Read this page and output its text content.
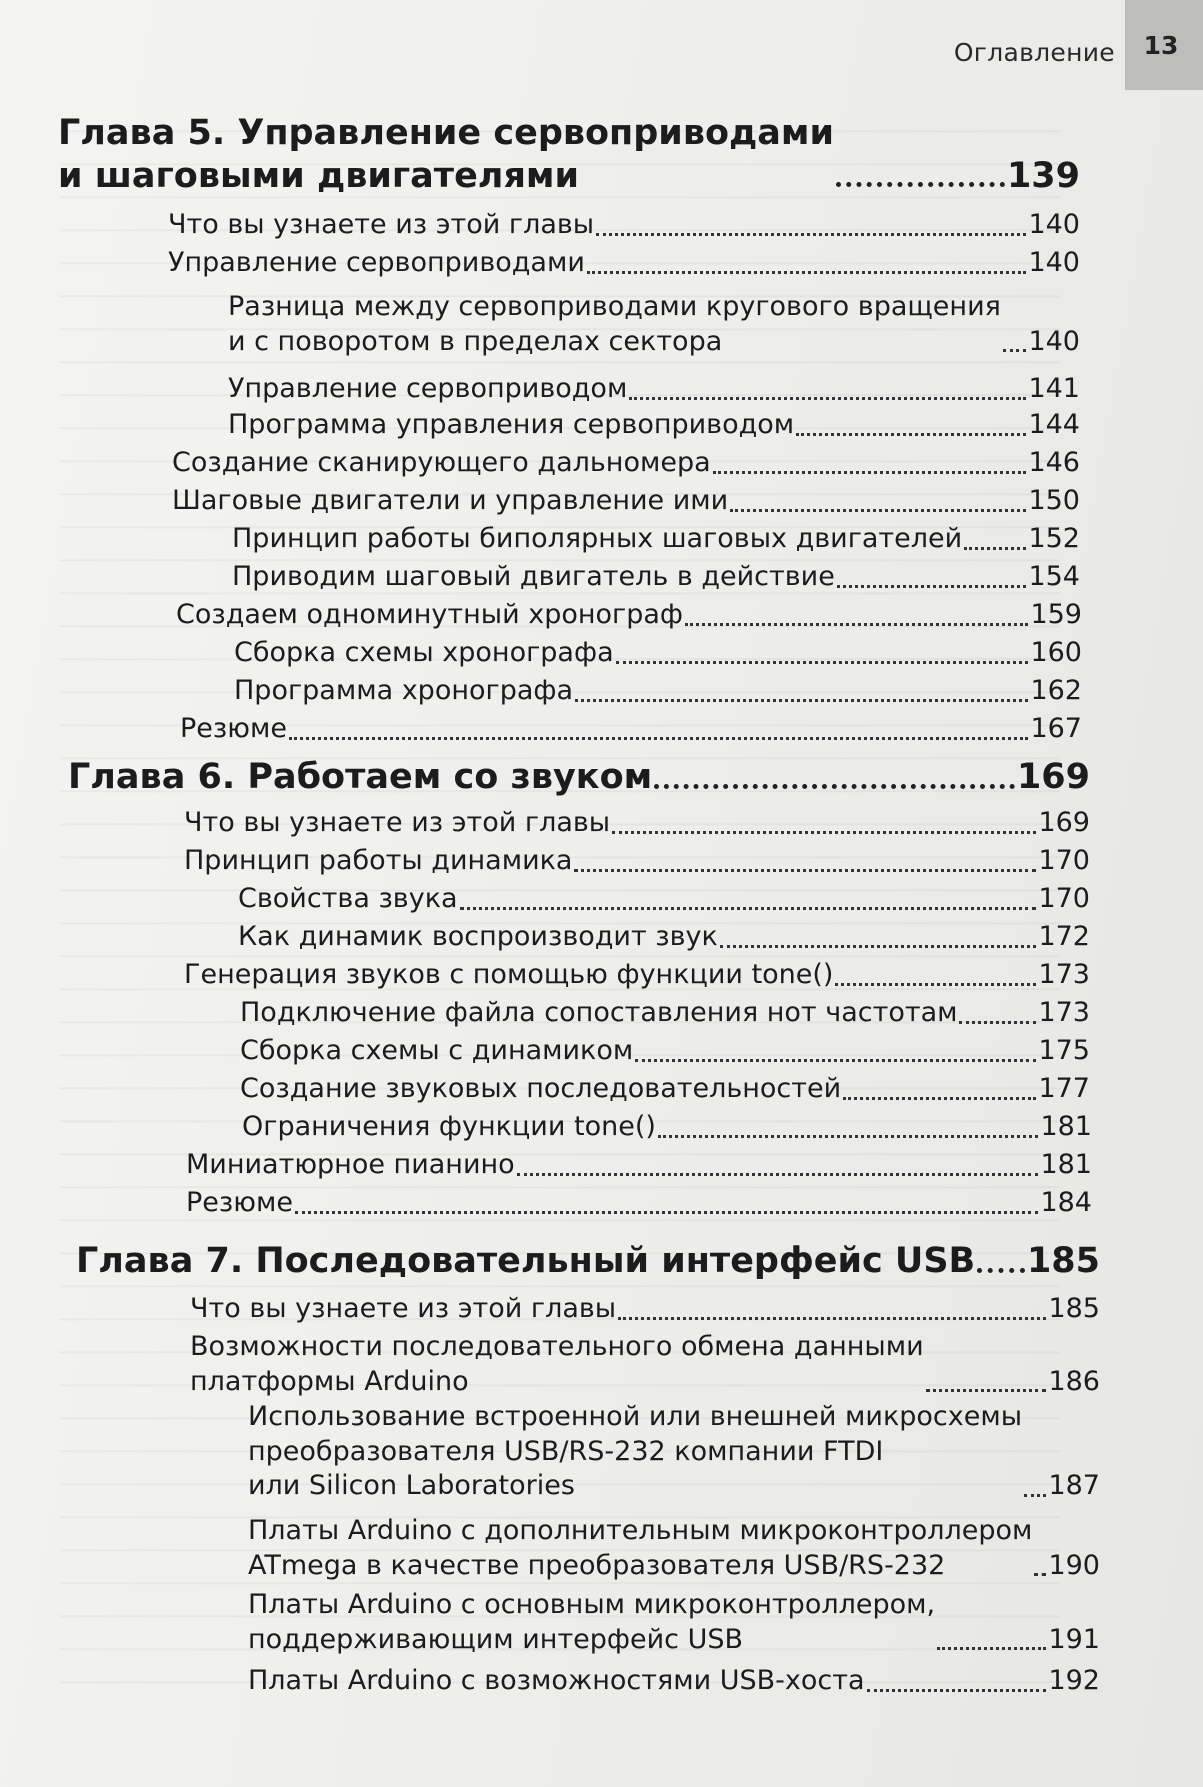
Оглавление	13
Глава 5. Управление сервоприводами
и шаговыми двигателями	139
Что вы узнаете из этой главы	140
Управление сервоприводами	140
Разница между сервоприводами кругового вращения
и с поворотом в пределах сектора	140
Управление сервоприводом	141
Программа управления сервоприводом	144
Создание сканирующего дальномера	146
Шаговые двигатели и управление ими	150
Принцип работы биполярных шаговых двигателей 152
Приводим шаговый двигатель в действие	154
Создаем одноминутный хронограф	159
Сборка схемы хронографа	160
Программа хронографа	162
Резюме	167
Глава 6. Работаем со звуком	169
Что вы узнаете из этой главы	169
Принцип работы динамика	170
Свойства звука	170
Как динамик воспроизводит звук	172
Генерация звуков с помощью функции tone()	173
Подключение файла сопоставления нот частотам	173
Сборка схемы с динамиком	175
Создание звуковых последовательностей	177
Ограничения функции tone()	181
Миниатюрное пианино	181
Резюме	184
Глава 7. Последовательный интерфейс USB 185
Что вы узнаете из этой главы	185
Возможности последовательного обмена данными
платформы Arduino	186
Использование встроенной или внешней микросхемы
преобразователя USB/RS-232 компании FTDI
или Silicon Laboratories	187
Платы Arduino с дополнительным микроконтроллером
ATmega в качестве преобразователя USB/RS-232	190
Платы Arduino с основным микроконтроллером,
поддерживающим интерфейс USB	191
Платы Arduino с возможностями USB-хоста	192
